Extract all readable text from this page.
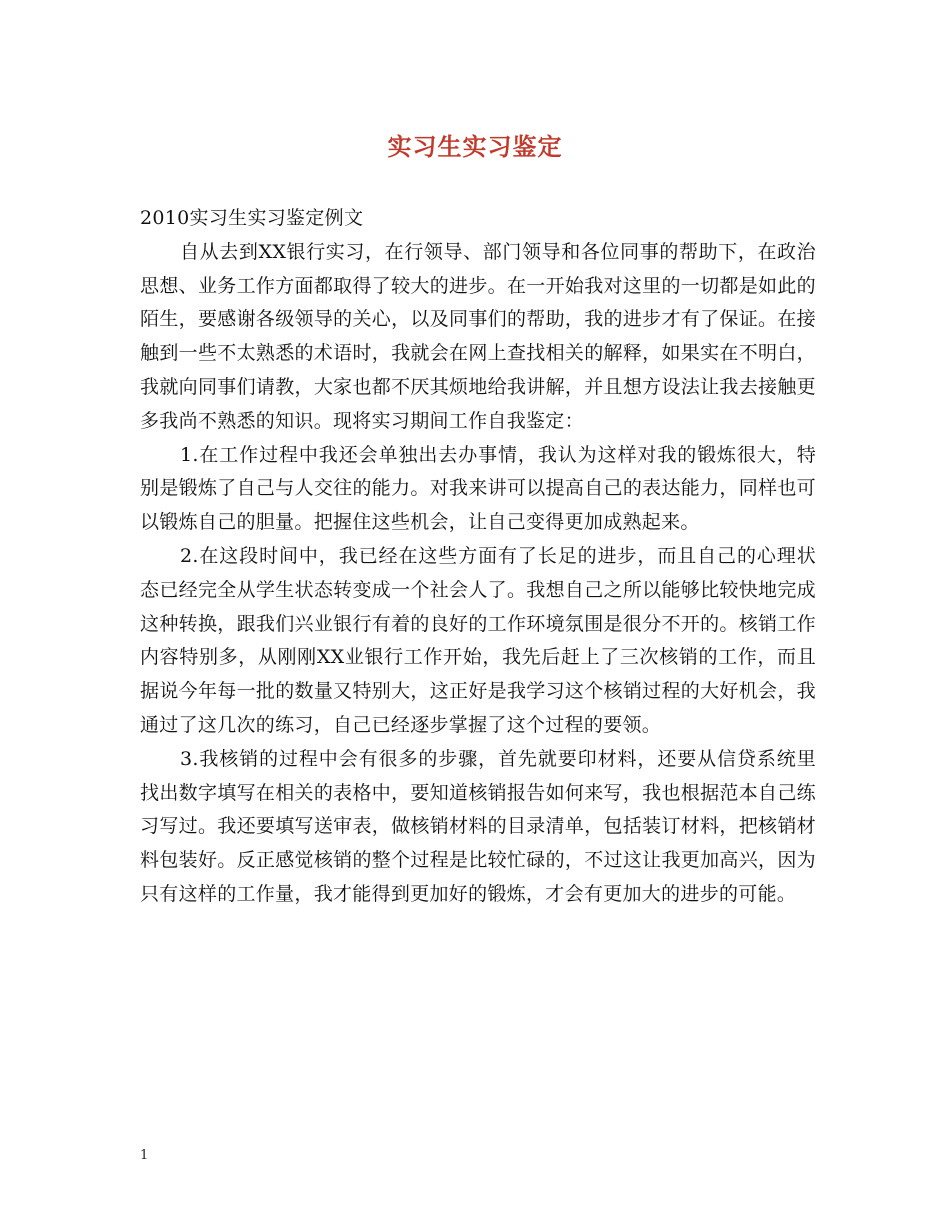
实习生实习鉴定

2010实习生实习鉴定例文

自从去到XX银行实习，在行领导、部门领导和各位同事的帮助下，在政治思想、业务工作方面都取得了较大的进步。在一开始我对这里的一切都是如此的陌生，要感谢各级领导的关心，以及同事们的帮助，我的进步才有了保证。在接触到一些不太熟悉的术语时，我就会在网上查找相关的解释，如果实在不明白，我就向同事们请教，大家也都不厌其烦地给我讲解，并且想方设法让我去接触更多我尚不熟悉的知识。现将实习期间工作自我鉴定：

1.在工作过程中我还会单独出去办事情，我认为这样对我的锻炼很大，特别是锻炼了自己与人交往的能力。对我来讲可以提高自己的表达能力，同样也可以锻炼自己的胆量。把握住这些机会，让自己变得更加成熟起来。

2.在这段时间中，我已经在这些方面有了长足的进步，而且自己的心理状态已经完全从学生状态转变成一个社会人了。我想自己之所以能够比较快地完成这种转换，跟我们兴业银行有着的良好的工作环境氛围是很分不开的。核销工作内容特别多，从刚刚XX业银行工作开始，我先后赶上了三次核销的工作，而且据说今年每一批的数量又特别大，这正好是我学习这个核销过程的大好机会，我通过了这几次的练习，自己已经逐步掌握了这个过程的要领。

3.我核销的过程中会有很多的步骤，首先就要印材料，还要从信贷系统里找出数字填写在相关的表格中，要知道核销报告如何来写，我也根据范本自己练习写过。我还要填写送审表，做核销材料的目录清单，包括装订材料，把核销材料包装好。反正感觉核销的整个过程是比较忙碌的，不过这让我更加高兴，因为只有这样的工作量，我才能得到更加好的锻炼，才会有更加大的进步的可能。

1
